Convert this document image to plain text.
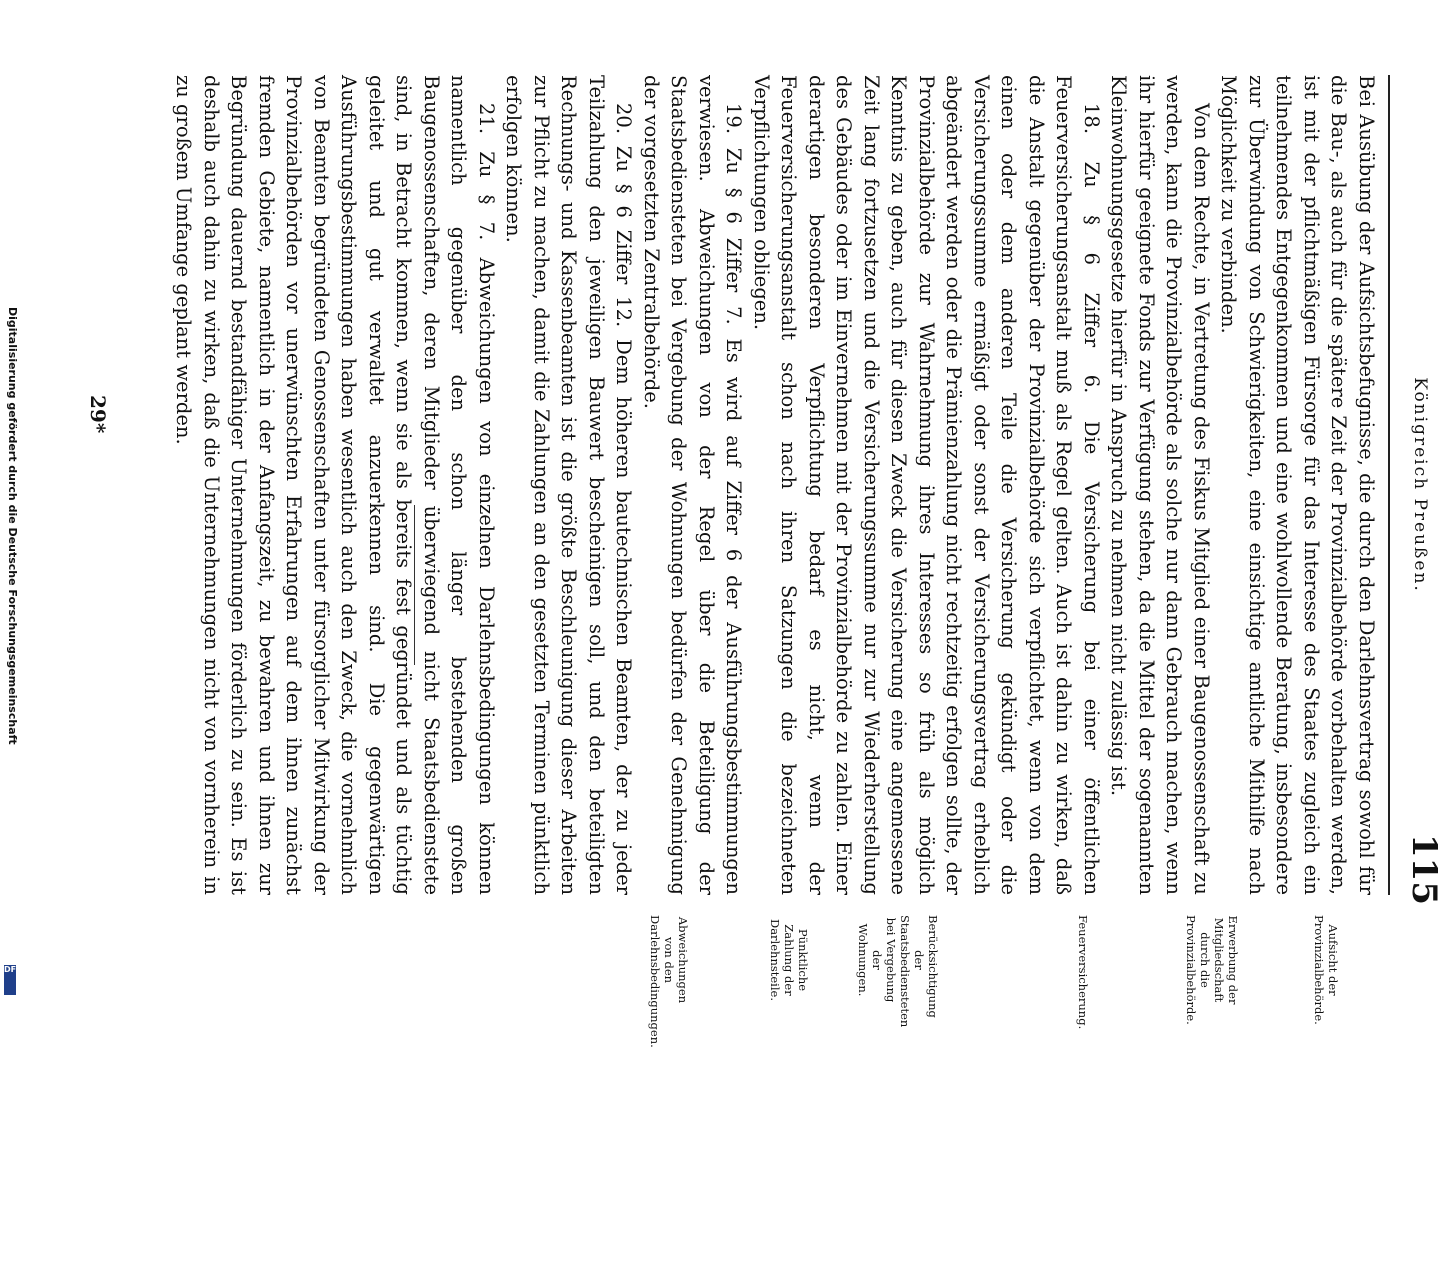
Königreich Preußen.
115

Bei Ausübung der Aufsichtsbefugnisse, die durch den Darlehnsvertrag sowohl für die Bau-, als auch für die spätere Zeit der Provinzialbehörde vorbehalten werden, ist mit der pflichtmäßigen Fürsorge für das Interesse des Staates zugleich ein teilnehmendes Entgegenkommen und eine wohlwollende Beratung, insbesondere zur Überwindung von Schwierigkeiten, eine einsichtige amtliche Mithilfe nach Möglichkeit zu verbinden.

Von dem Rechte, in Vertretung des Fiskus Mitglied einer Baugenossenschaft zu werden, kann die Provinzialbehörde als solche nur dann Gebrauch machen, wenn ihr hierfür geeignete Fonds zur Verfügung stehen, da die Mittel der sogenannten Kleinwohnungsgesetze hierfür in Anspruch zu nehmen nicht zulässig ist.

18. Zu § 6 Ziffer 6. Die Versicherung bei einer öffentlichen Feuerversicherungsanstalt muß als Regel gelten. Auch ist dahin zu wirken, daß die Anstalt gegenüber der Provinzialbehörde sich verpflichtet, wenn von dem einen oder dem anderen Teile die Versicherung gekündigt oder die Versicherungssumme ermäßigt oder sonst der Versicherungsvertrag erheblich abgeändert werden oder die Prämienzahlung nicht rechtzeitig erfolgen sollte, der Provinzialbehörde zur Wahrnehmung ihres Interesses so früh als möglich Kenntnis zu geben, auch für diesen Zweck die Versicherung eine angemessene Zeit lang fortzusetzen und die Versicherungssumme nur zur Wiederherstellung des Gebäudes oder im Einvernehmen mit der Provinzialbehörde zu zahlen. Einer derartigen besonderen Verpflichtung bedarf es nicht, wenn der Feuerversicherungsanstalt schon nach ihren Satzungen die bezeichneten Verpflichtungen obliegen.

19. Zu § 6 Ziffer 7. Es wird auf Ziffer 6 der Ausführungsbestimmungen verwiesen. Abweichungen von der Regel über die Beteiligung der Staatsbediensteten bei Vergebung der Wohnungen bedürfen der Genehmigung der vorgesetzten Zentralbehörde.

20. Zu § 6 Ziffer 12. Dem höheren bautechnischen Beamten, der zu jeder Teilzahlung den jeweiligen Bauwert bescheinigen soll, und den beteiligten Rechnungs- und Kassenbeamten ist die größte Beschleunigung dieser Arbeiten zur Pflicht zu machen, damit die Zahlungen an den gesetzten Terminen pünktlich erfolgen können.

21. Zu § 7. Abweichungen von einzelnen Darlehnsbedingungen können namentlich gegenüber den schon länger bestehenden großen Baugenossenschaften, deren Mitglieder überwiegend nicht Staatsbedienstete sind, in Betracht kommen, wenn sie als bereits fest gegründet und als tüchtig geleitet und gut verwaltet anzuerkennen sind. Die gegenwärtigen Ausführungsbestimmungen haben wesentlich auch den Zweck, die vornehmlich von Beamten begründeten Genossenschaften unter fürsorglicher Mitwirkung der Provinzialbehörden vor unerwünschten Erfahrungen auf dem ihnen zunächst fremden Gebiete, namentlich in der Anfangszeit, zu bewahren und ihnen zur Begründung dauernd bestandfähiger Unternehmungen förderlich zu sein. Es ist deshalb auch dahin zu wirken, daß die Unternehmungen nicht von vornherein in zu großem Umfange geplant werden.

29*
Aufsicht der Provinzialbehörde.
Erwerbung der Mitgliedschaft durch die Provinzialbehörde.
Feuerversicherung.
Berücksichtigung der Staatsbediensteten bei Vergebung der Wohnungen.
Pünktliche Zahlung der Darlehnsteile.
Abweichungen von den Darlehnsbedingungen.
Digitalisierung gefördert durch die Deutsche Forschungsgemeinschaft
DFG
